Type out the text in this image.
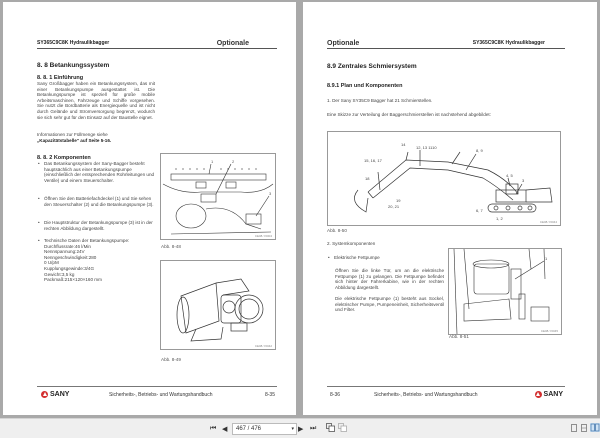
SY365C9C8K Hydraulikbagger	Optionale
8. 8 Betankungssystem
8. 8. 1 Einführung
Sany Großbagger haben ein Betankungssystem, das mit einer Betankungspumpe ausgestattet ist. Die Betankungspumpe ist speziell für große mobile Arbeitsmaschinen, Fahrzeuge und Schiffe vorgesehen. Sie nutzt die Bordbatterie als Energiequelle und ist nicht durch Gelände und Stromversorgung begrenzt, wodurch sie sich sehr gut für den Einsatz auf der Baustelle eignet.
Informationen zur Füllmenge siehe
„Kapazitätstabelle" auf Seite 5-16.
8. 8. 2 Komponenten
• Das Betankungssystem der Sany-Bagger besteht hauptsächlich aus einer Betankungspumpe (einschließlich der entsprechenden Rohrleitungen und Ventile) und einem Steuerschalter.
• Öffnen Sie den Batteriefachdeckel (1) und Sie sehen den Steuerschalter (2) und die Betankungspumpe (3).
• Die Hauptstruktur der Betankungspumpe (3) ist in der rechten Abbildung dargestellt.
• Technische Daten der Betankungspumpe:
Durchflussrate:46 l/Min
Nennspannung:24V
Nenngeschwindigkeit:280
0 U/pM
Kupplungsgewinde:3/4G
Gewicht:3,5 kg
Packmaß:215×120×160 mm
1	2
3
CE08-Y0004
Abb. 8-48
CE08-Y0042
Abb. 8-49
SANY	Sicherheits-, Betriebs- und Wartungshandbuch	8-35
Optionale	SY365C9C8K Hydraulikbagger
8.9 Zentrales Schmiersystem
8.9.1 Plan und Komponenten
1. Der Sany SY35C9 Bagger hat 21 Schmierstellen.
Eine Skizze zur Verteilung der Baggerschmierstellen ist nachstehend abgebildet:
14
12, 13 1110
15, 16, 17
8, 9
18
4, 5
3
19
20, 21
6, 7
1, 2
CE08-Y0044
Abb. 8-50
2. Systemkomponenten
• Elektrische Fettpumpe
Öffnen Sie die linke Tür, um an die elektrische Fettpumpe (1) zu gelangen. Die Fettpumpe befindet sich hinter der Fahrerkabine, wie in der rechten Abbildung dargestellt.
Die elektrische Fettpumpe (1) besteht aus Sockel, elektrischer Pumpe, Pumpeneinheit, Sicherheitsventil und Filter.
1
CE08-Y0045
Abb. 8-51
8-36	Sicherheits-, Betriebs- und Wartungshandbuch	SANY
⏮ ◀	467 / 476	▾ ▶ ⏭
